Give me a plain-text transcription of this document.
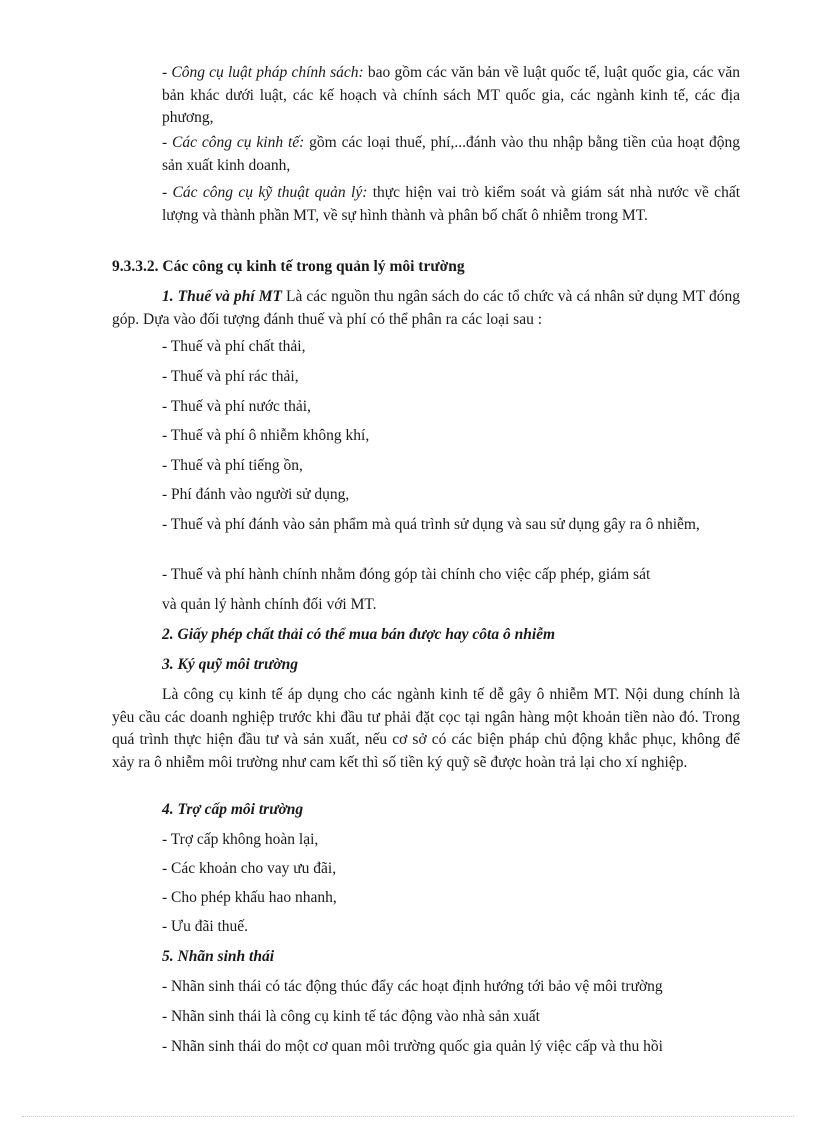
- Công cụ luật pháp chính sách: bao gồm các văn bản về luật quốc tế, luật quốc gia, các văn bản khác dưới luật, các kế hoạch và chính sách MT quốc gia, các ngành kinh tế, các địa phương,

- Các công cụ kinh tế: gồm các loại thuế, phí,...đánh vào thu nhập bằng tiền của hoạt động sản xuất kinh doanh,

- Các công cụ kỹ thuật quản lý: thực hiện vai trò kiểm soát và giám sát nhà nước về chất lượng và thành phần MT, về sự hình thành và phân bố chất ô nhiễm trong MT.

9.3.3.2. Các công cụ kinh tế trong quản lý môi trường

1. Thuế và phí MT Là các nguồn thu ngân sách do các tổ chức và cá nhân sử dụng MT đóng góp. Dựa vào đối tượng đánh thuế và phí có thể phân ra các loại sau :

- Thuế và phí chất thải,

- Thuế và phí rác thải,

- Thuế và phí nước thải,

- Thuế và phí ô nhiễm không khí,

- Thuế và phí tiếng ồn,

- Phí đánh vào người sử dụng,

- Thuế và phí đánh vào sản phẩm mà quá trình sử dụng và sau sử dụng gây ra ô nhiễm,

- Thuế và phí hành chính nhằm đóng góp tài chính cho việc cấp phép, giám sát

và quản lý hành chính đối với MT.

2. Giấy phép chất thải có thể mua bán được hay côta ô nhiễm

3. Ký quỹ môi trường

Là công cụ kinh tế áp dụng cho các ngành kinh tế dễ gây ô nhiễm MT. Nội dung chính là yêu cầu các doanh nghiệp trước khi đầu tư phải đặt cọc tại ngân hàng một khoản tiền nào đó. Trong quá trình thực hiện đầu tư và sản xuất, nếu cơ sở có các biện pháp chủ động khắc phục, không để xảy ra ô nhiễm môi trường như cam kết thì số tiền ký quỹ sẽ được hoàn trả lại cho xí nghiệp.

4. Trợ cấp môi trường

- Trợ cấp không hoàn lại,

- Các khoản cho vay ưu đãi,

- Cho phép khấu hao nhanh,

- Ưu đãi thuế.

5. Nhãn sinh thái

- Nhãn sinh thái có tác động thúc đẩy các hoạt định hướng tới bảo vệ môi trường

- Nhãn sinh thái là công cụ kinh tế tác động vào nhà sản xuất

- Nhãn sinh thái do một cơ quan môi trường quốc gia quản lý việc cấp và thu hồi
